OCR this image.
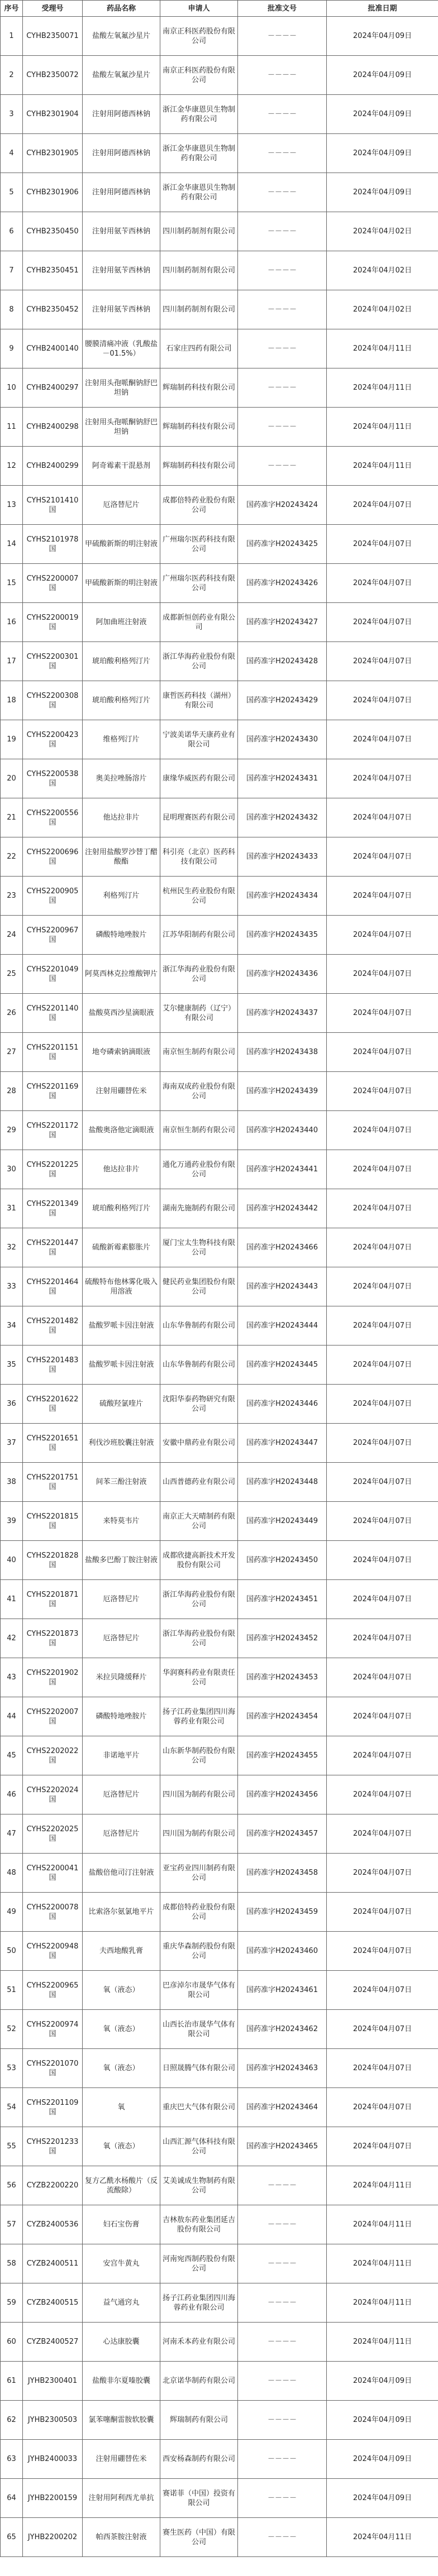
序号	受理号	药品名称	申请人	批准文号	批准日期
1	CYHB2350071	盐酸左氧氟沙星片	南京正科医药股份有限公司	－－－－	2024年04月09日
2	CYHB2350072	盐酸左氧氟沙星片	南京正科医药股份有限公司	－－－－	2024年04月09日
3	CYHB2301904	注射用阿德西林钠	浙江金华康恩贝生物制药有限公司	－－－－	2024年04月09日
4	CYHB2301905	注射用阿德西林钠	浙江金华康恩贝生物制药有限公司	－－－－	2024年04月09日
5	CYHB2301906	注射用阿德西林钠	浙江金华康恩贝生物制药有限公司	－－－－	2024年04月09日
6	CYHB2350450	注射用氨苄西林钠	四川制药制剂有限公司	－－－－	2024年04月02日
7	CYHB2350451	注射用氨苄西林钠	四川制药制剂有限公司	－－－－	2024年04月02日
8	CYHB2350452	注射用氨苄西林钠	四川制药制剂有限公司	－－－－	2024年04月02日
9	CYHB2400140	腰膜清痛冲液（乳酸盐－01.5%）	石家庄四药有限公司	－－－－	2024年04月11日
10	CYHB2400297	注射用头孢哌酮钠舒巴坦钠	辉瑞制药科技有限公司	－－－－	2024年04月11日
11	CYHB2400298	注射用头孢哌酮钠舒巴坦钠	辉瑞制药科技有限公司	－－－－	2024年04月11日
12	CYHB2400299	阿奇霉素干混悬剂	辉瑞制药科技有限公司	－－－－	2024年04月11日
13	CYHS2101410国	厄洛替尼片	成都倍特药业股份有限公司	国药准字H20243424	2024年04月07日
14	CYHS2101978国	甲硫酸新斯的明注射液	广州瑞尔医药科技有限公司	国药准字H20243425	2024年04月07日
15	CYHS2200007国	甲硫酸新斯的明注射液	广州瑞尔医药科技有限公司	国药准字H20243426	2024年04月07日
16	CYHS2200019国	阿加曲班注射液	成都新恒创药业有限公司	国药准字H20243427	2024年04月07日
17	CYHS2200301国	琥珀酸利格列汀片	浙江华海药业股份有限公司	国药准字H20243428	2024年04月07日
18	CYHS2200308国	琥珀酸利格列汀片	康哲医药科技（湖州）有限公司	国药准字H20243429	2024年04月07日
19	CYHS2200423国	维格列汀片	宁波美诺华天康药业有限公司	国药准字H20243430	2024年04月07日
20	CYHS2200538国	奥美拉唑肠溶片	康缘华威医药有限公司	国药准字H20243431	2024年04月07日
21	CYHS2200556国	他达拉非片	昆明理赛医药有限公司	国药准字H20243432	2024年04月07日
22	CYHS2200696国	注射用盐酸罗沙替丁醋酸酯	科引亮（北京）医药科技有限公司	国药准字H20243433	2024年04月07日
23	CYHS2200905国	利格列汀片	杭州民生药业股份有限公司	国药准字H20243434	2024年04月07日
24	CYHS2200967国	磷酸特地唑胺片	江苏华阳制药有限公司	国药准字H20243435	2024年04月07日
25	CYHS2201049国	阿莫西林克拉维酸钾片	浙江华海药业股份有限公司	国药准字H20243436	2024年04月07日
26	CYHS2201140国	盐酸莫西沙星滴眼液	艾尔健康制药（辽宁）有限公司	国药准字H20243437	2024年04月07日
27	CYHS2201151国	地夸磷索钠滴眼液	南京恒生制药有限公司	国药准字H20243438	2024年04月07日
28	CYHS2201169国	注射用硼替佐米	海南双成药业股份有限公司	国药准字H20243439	2024年04月07日
29	CYHS2201172国	盐酸奥洛他定滴眼液	南京恒生制药有限公司	国药准字H20243440	2024年04月07日
30	CYHS2201225国	他达拉非片	通化万通药业股份有限公司	国药准字H20243441	2024年04月07日
31	CYHS2201349国	琥珀酸利格列汀片	湖南先施制药有限公司	国药准字H20243442	2024年04月07日
32	CYHS2201447国	硫酸新霉素膨胀片	厦门宝太生物科技有限公司	国药准字H20243466	2024年04月07日
33	CYHS2201464国	硫酸特布他林雾化吸入用溶液	健民药业集团股份有限公司	国药准字H20243443	2024年04月07日
34	CYHS2201482国	盐酸罗哌卡因注射液	山东华鲁制药有限公司	国药准字H20243444	2024年04月07日
35	CYHS2201483国	盐酸罗哌卡因注射液	山东华鲁制药有限公司	国药准字H20243445	2024年04月07日
36	CYHS2201622国	硫酸羟氯喹片	沈阳华泰药物研究有限公司	国药准字H20243446	2024年04月07日
37	CYHS2201651国	利伐沙班胶囊注射液	安徽中鼎药业有限公司	国药准字H20243447	2024年04月07日
38	CYHS2201751国	间苯三酚注射液	山西普德药业有限公司	国药准字H20243448	2024年04月07日
39	CYHS2201815国	来特莫韦片	南京正大天晴制药有限公司	国药准字H20243449	2024年04月07日
40	CYHS2201828国	盐酸多巴酚丁胺注射液	成都欣捷高新技术开发股份有限公司	国药准字H20243450	2024年04月07日
41	CYHS2201871国	厄洛替尼片	浙江华海药业股份有限公司	国药准字H20243451	2024年04月07日
42	CYHS2201873国	厄洛替尼片	浙江华海药业股份有限公司	国药准字H20243452	2024年04月07日
43	CYHS2201902国	米拉贝隆缓释片	华润赛科药业有限责任公司	国药准字H20243453	2024年04月07日
44	CYHS2202007国	磷酸特地唑胺片	扬子江药业集团四川海蓉药业有限公司	国药准字H20243454	2024年04月07日
45	CYHS2202022国	非诺地平片	山东新华制药股份有限公司	国药准字H20243455	2024年04月07日
46	CYHS2202024国	厄洛替尼片	四川国为制药有限公司	国药准字H20243456	2024年04月07日
47	CYHS2202025国	厄洛替尼片	四川国为制药有限公司	国药准字H20243457	2024年04月07日
48	CYHS2200041国	盐酸倍他司汀注射液	亚宝药业四川制药有限公司	国药准字H20243458	2024年04月07日
49	CYHS2200078国	比索洛尔氨氯地平片	成都倍特药业股份有限公司	国药准字H20243459	2024年04月07日
50	CYHS2200948国	夫西地酸乳膏	重庆华森制药股份有限公司	国药准字H20243460	2024年04月07日
51	CYHS2200965国	氧（液态）	巴彦淖尔市晟华气体有限公司	国药准字H20243461	2024年04月07日
52	CYHS2200974国	氧（液态）	山西长治市晟华气体有限公司	国药准字H20243462	2024年04月07日
53	CYHS2201070国	氧（液态）	日照晟腾气体有限公司	国药准字H20243463	2024年04月07日
54	CYHS2201109国	氧	重庆巴大气体有限公司	国药准字H20243464	2024年04月07日
55	CYHS2201233国	氧（液态）	山西汇源气体科技有限公司	国药准字H20243465	2024年04月07日
56	CYZB2200220	复方乙酰水杨酸片（反流酸除）	艾美诚成生物制药有限公司	－－－－	2024年04月11日
57	CYZB2400536	妇石宝伤膏	吉林敖东药业集团延吉股份有限公司	－－－－	2024年04月11日
58	CYZB2400511	安宫牛黄丸	河南宛西制药股份有限公司	－－－－	2024年04月11日
59	CYZB2400515	益气通窍丸	扬子江药业集团四川海蓉药业有限公司	－－－－	2024年04月11日
60	CYZB2400527	心达康胶囊	河南禾本药业有限公司	－－－－	2024年04月11日
61	JYHB2300401	盐酸非尔夏嗪胶囊	北京诺华制药有限公司	－－－－	2024年04月09日
62	JYHB2300503	氯苯噻酮雷胺软胶囊	辉瑞制药有限公司	－－－－	2024年04月09日
63	JYHB2400033	注射用硼替佐米	西安杨森制药有限公司	－－－－	2024年04月09日
64	JYHB2200159	注射用阿利西尤单抗	赛诺菲（中国）投资有限公司	－－－－	2024年04月09日
65	JYHB2200202	帕西茶胺注射液	赛生医药（中国）有限公司	－－－－	2024年04月11日
